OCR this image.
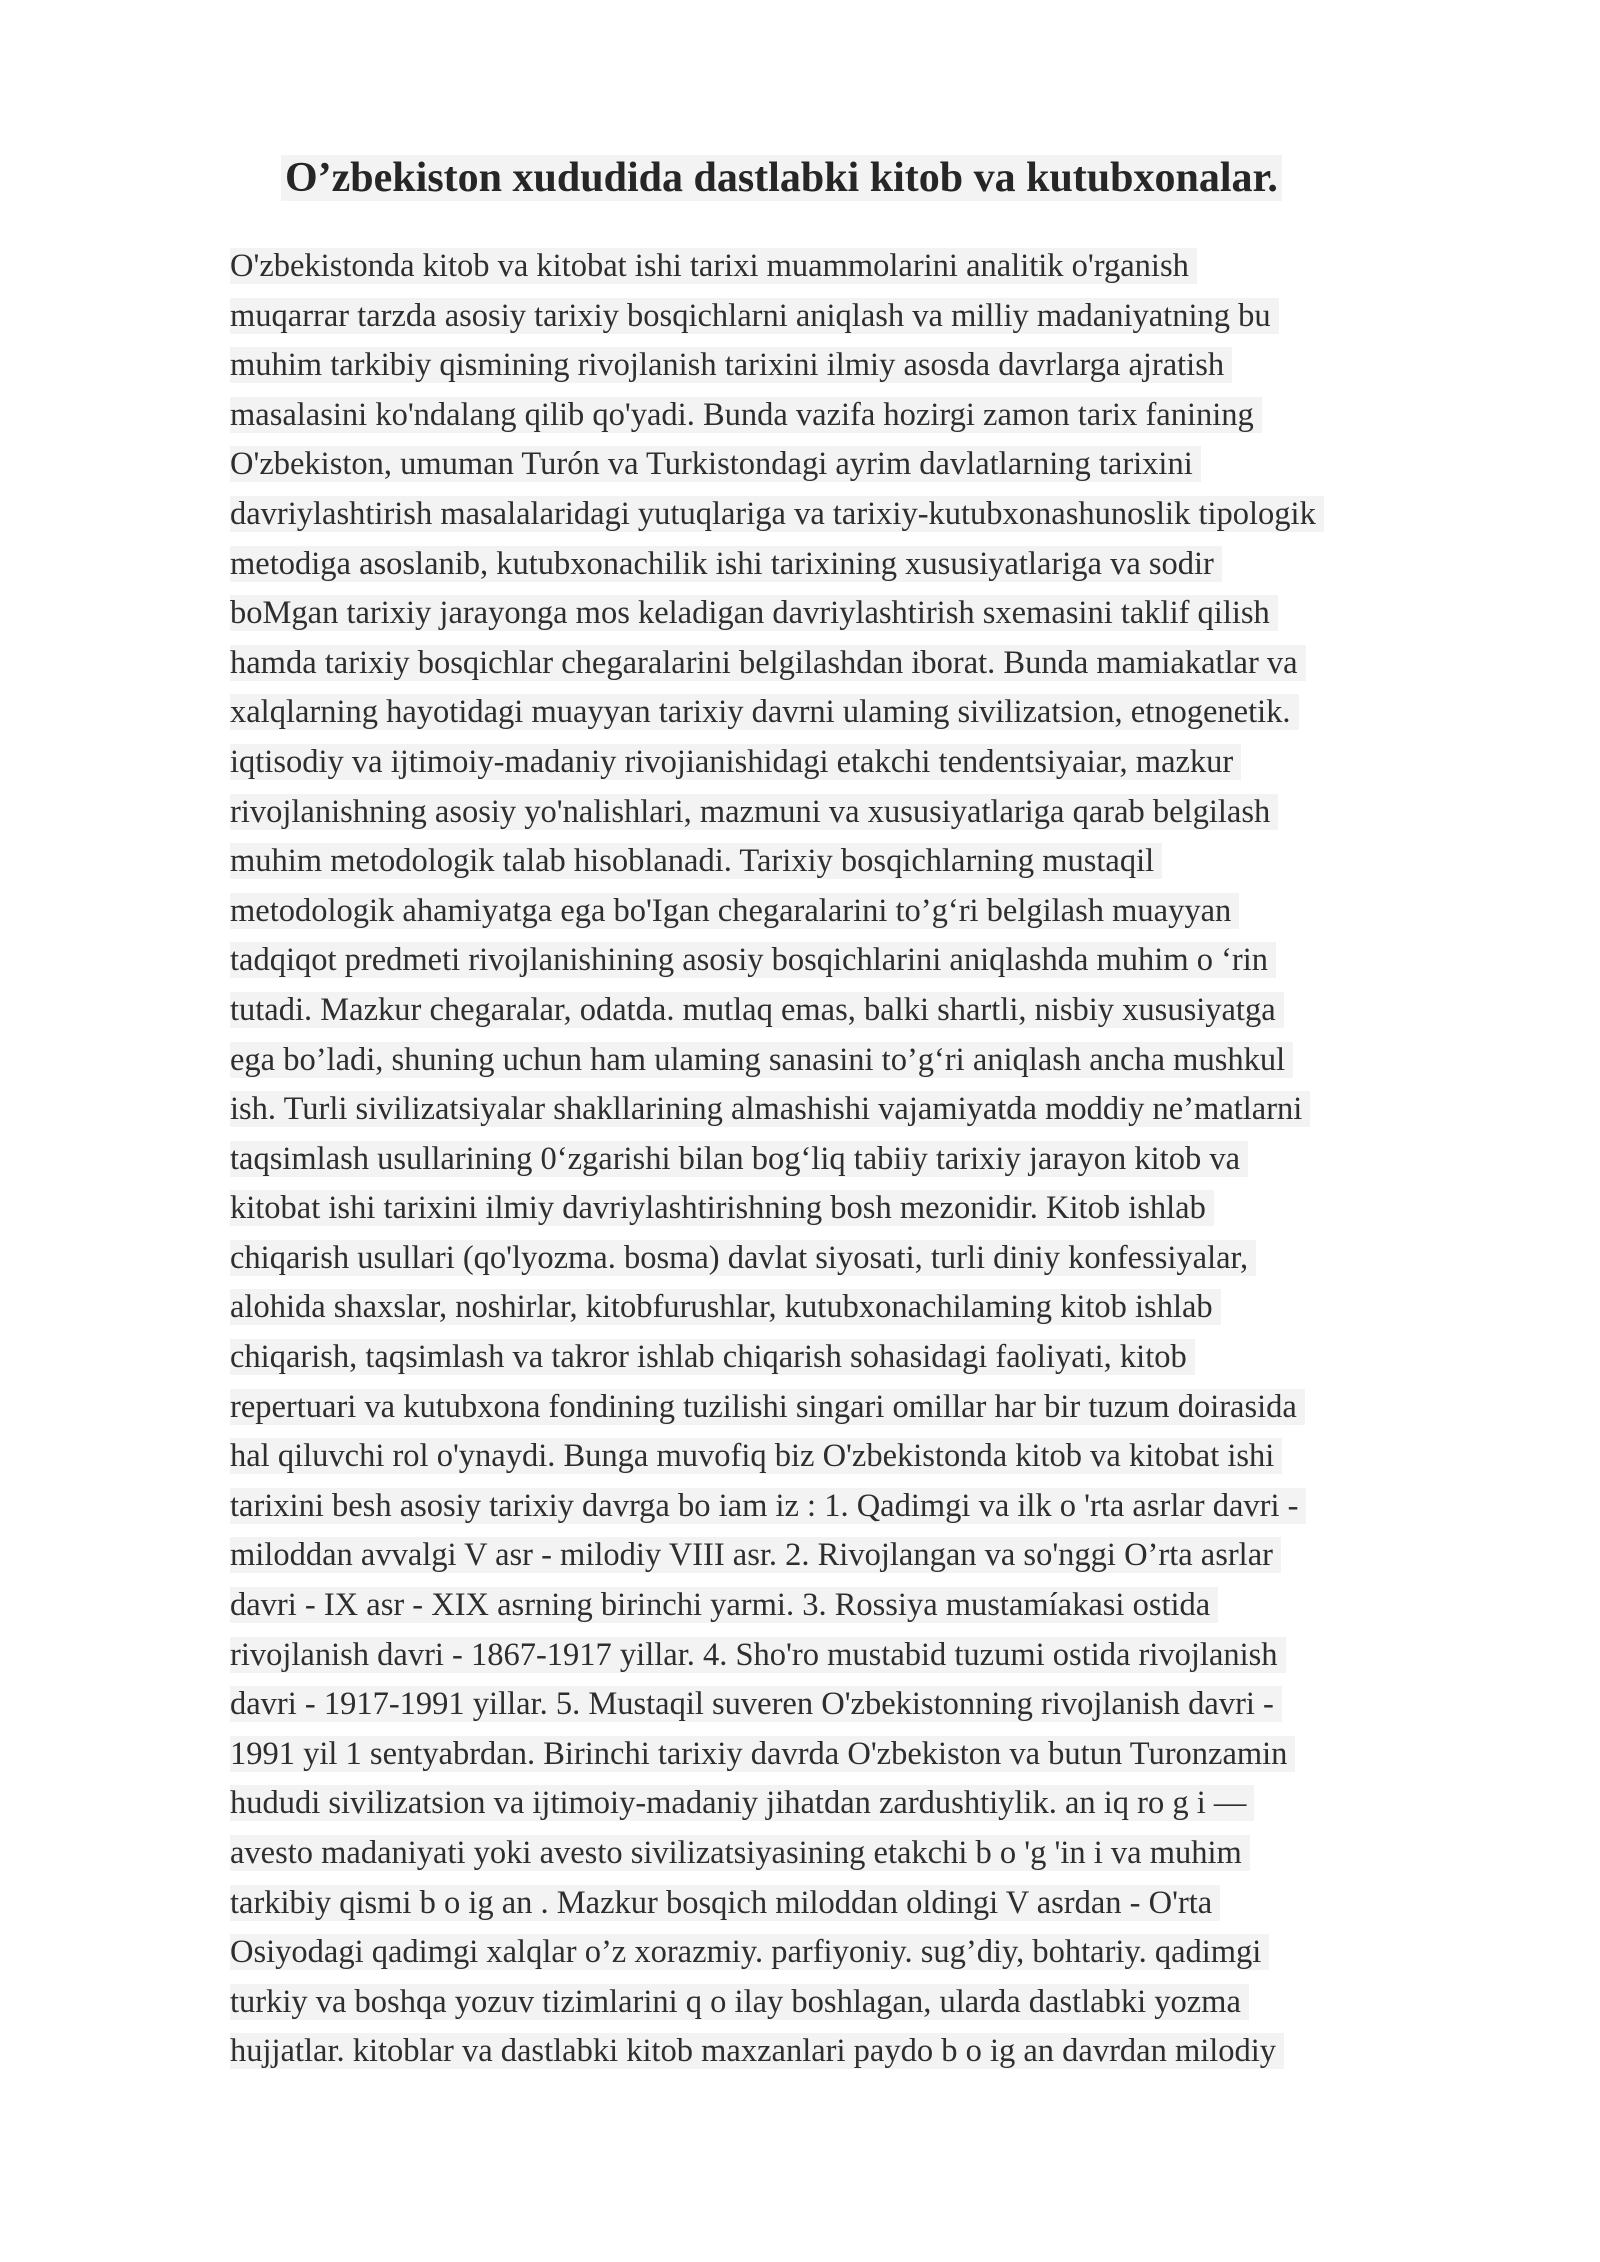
O’zbekiston xududida dastlabki kitob va kutubxonalar.
O'zbekistonda kitob va kitobat ishi tarixi muammolarini analitik o'rganish
muqarrar tarzda asosiy tarixiy bosqichlarni aniqlash va milliy madaniyatning bu
muhim tarkibiy qismining rivojlanish tarixini ilmiy asosda davrlarga ajratish
masalasini ko'ndalang qilib qo'yadi. Bunda vazifa hozirgi zamon tarix fanining
O'zbekiston, umuman Turón va Turkistondagi ayrim davlatlarning tarixini
davriylashtirish masalalaridagi yutuqlariga va tarixiy-kutubxonashunoslik tipologik
metodiga asoslanib, kutubxonachilik ishi tarixining xususiyatlariga va sodir
boMgan tarixiy jarayonga mos keladigan davriylashtirish sxemasini taklif qilish
hamda tarixiy bosqichlar chegaralarini belgilashdan iborat. Bunda mamiakatlar va
xalqlarning hayotidagi muayyan tarixiy davrni ulaming sivilizatsion, etnogenetik.
iqtisodiy va ijtimoiy-madaniy rivojianishidagi etakchi tendentsiyaiar, mazkur
rivojlanishning asosiy yo'nalishlari, mazmuni va xususiyatlariga qarab belgilash
muhim metodologik talab hisoblanadi. Tarixiy bosqichlarning mustaqil
metodologik ahamiyatga ega bo'Igan chegaralarini to’g‘ri belgilash muayyan
tadqiqot predmeti rivojlanishining asosiy bosqichlarini aniqlashda muhim o ‘rin
tutadi. Mazkur chegaralar, odatda. mutlaq emas, balki shartli, nisbiy xususiyatga
ega bo’ladi, shuning uchun ham ulaming sanasini to’g‘ri aniqlash ancha mushkul
ish. Turli sivilizatsiyalar shakllarining almashishi vajamiyatda moddiy ne’matlarni
taqsimlash usullarining 0‘zgarishi bilan bog‘liq tabiiy tarixiy jarayon kitob va
kitobat ishi tarixini ilmiy davriylashtirishning bosh mezonidir. Kitob ishlab
chiqarish usullari (qo'lyozma. bosma) davlat siyosati, turli diniy konfessiyalar,
alohida shaxslar, noshirlar, kitobfurushlar, kutubxonachilaming kitob ishlab
chiqarish, taqsimlash va takror ishlab chiqarish sohasidagi faoliyati, kitob
repertuari va kutubxona fondining tuzilishi singari omillar har bir tuzum doirasida
hal qiluvchi rol o'ynaydi. Bunga muvofiq biz O'zbekistonda kitob va kitobat ishi
tarixini besh asosiy tarixiy davrga bo iam iz : 1. Qadimgi va ilk o 'rta asrlar davri -
miloddan avvalgi V asr - milodiy VIII asr. 2. Rivojlangan va so'nggi O’rta asrlar
davri - IX asr - XIX asrning birinchi yarmi. 3. Rossiya mustamíakasi ostida
rivojlanish davri - 1867-1917 yillar. 4. Sho'ro mustabid tuzumi ostida rivojlanish
davri - 1917-1991 yillar. 5. Mustaqil suveren O'zbekistonning rivojlanish davri -
1991 yil 1 sentyabrdan. Birinchi tarixiy davrda O'zbekiston va butun Turonzamin
hududi sivilizatsion va ijtimoiy-madaniy jihatdan zardushtiylik. an iq ro g i —
avesto madaniyati yoki avesto sivilizatsiyasining etakchi b o 'g 'in i va muhim
tarkibiy qismi b o ig an . Mazkur bosqich miloddan oldingi V asrdan - O'rta
Osiyodagi qadimgi xalqlar o’z xorazmiy. parfiyoniy. sug’diy, bohtariy. qadimgi
turkiy va boshqa yozuv tizimlarini q o ilay boshlagan, ularda dastlabki yozma
hujjatlar. kitoblar va dastlabki kitob maxzanlari paydo b o ig an davrdan milodiy
